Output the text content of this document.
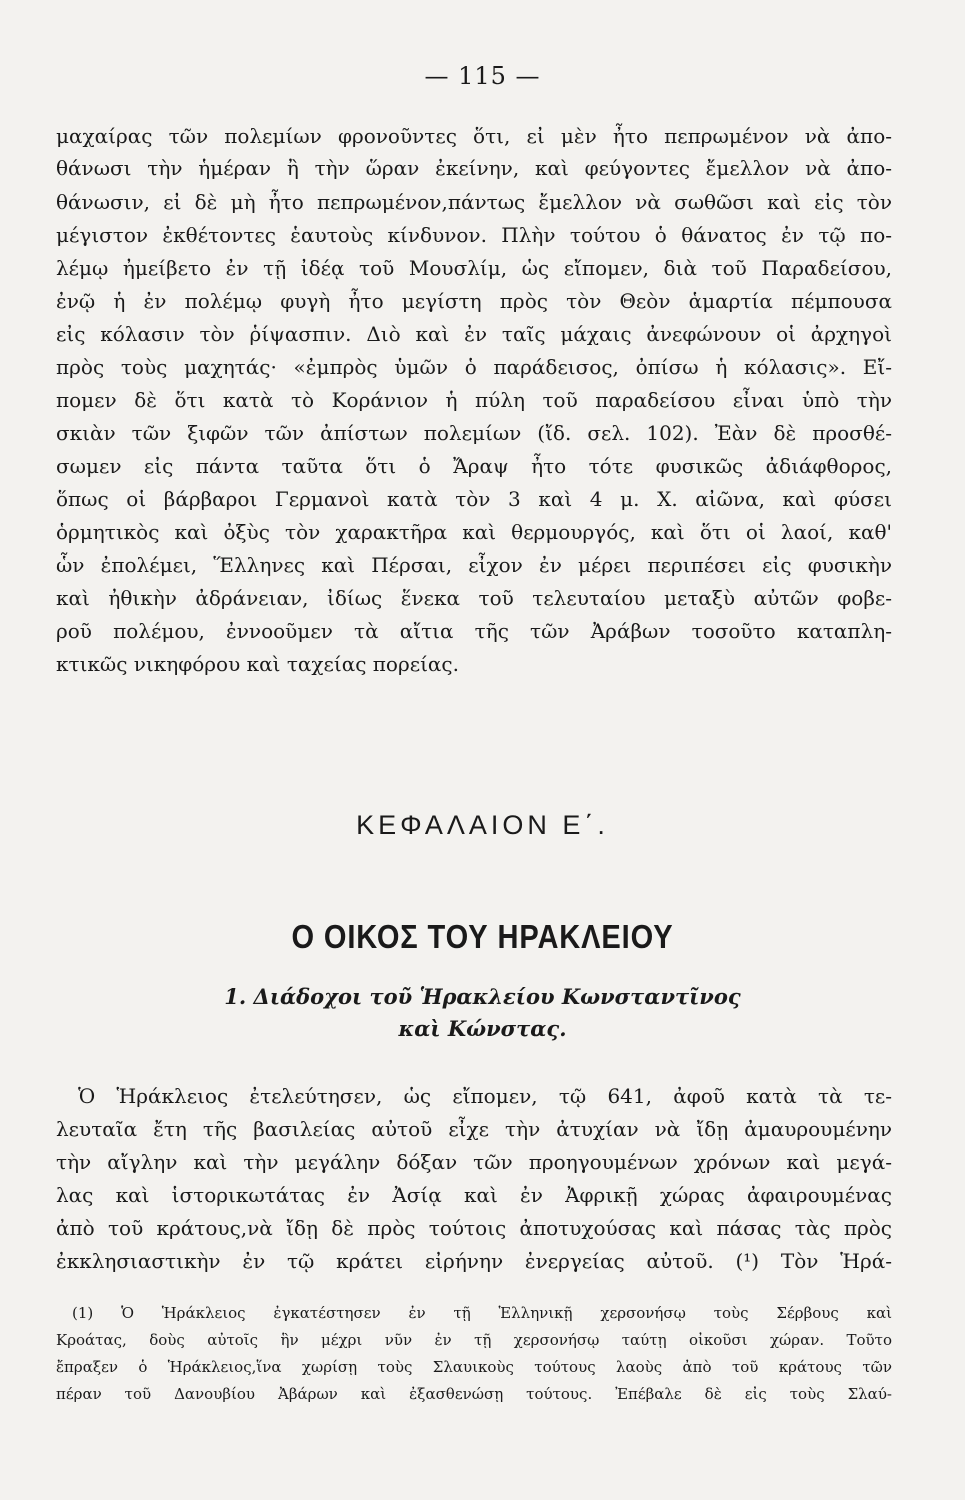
— 115 —
μαχαίρας τῶν πολεμίων φρονοῦντες ὅτι, εἰ μὲν ἦτο πεπρωμένον νὰ ἀπο-
θάνωσι τὴν ἡμέραν ἢ τὴν ὥραν ἐκείνην, καὶ φεύγοντες ἔμελλον νὰ ἀπο-
θάνωσιν, εἰ δὲ μὴ ἦτο πεπρωμένον,πάντως ἔμελλον νὰ σωθῶσι καὶ εἰς τὸν
μέγιστον ἐκθέτοντες ἑαυτοὺς κίνδυνον. Πλὴν τούτου ὁ θάνατος ἐν τῷ πο-
λέμῳ ἠμείβετο ἐν τῇ ἰδέᾳ τοῦ Μουσλίμ, ὡς εἴπομεν, διὰ τοῦ Παραδείσου,
ἐνῷ ἡ ἐν πολέμῳ φυγὴ ἦτο μεγίστη πρὸς τὸν Θεὸν ἁμαρτία πέμπουσα
εἰς κόλασιν τὸν ῥίψασπιν. Διὸ καὶ ἐν ταῖς μάχαις ἀνεφώνουν οἱ ἀρχηγοὶ
πρὸς τοὺς μαχητάς· «ἐμπρὸς ὑμῶν ὁ παράδεισος, ὀπίσω ἡ κόλασις». Εἴ-
πομεν δὲ ὅτι κατὰ τὸ Κοράνιον ἡ πύλη τοῦ παραδείσου εἶναι ὑπὸ τὴν
σκιὰν τῶν ξιφῶν τῶν ἀπίστων πολεμίων (ἴδ. σελ. 102). Ἐὰν δὲ προσθέ-
σωμεν εἰς πάντα ταῦτα ὅτι ὁ Ἄραψ ἦτο τότε φυσικῶς ἀδιάφθορος,
ὅπως οἱ βάρβαροι Γερμανοὶ κατὰ τὸν 3 καὶ 4 μ. Χ. αἰῶνα, καὶ φύσει
ὁρμητικὸς καὶ ὀξὺς τὸν χαρακτῆρα καὶ θερμουργός, καὶ ὅτι οἱ λαοί, καθ'
ὧν ἐπολέμει, Ἕλληνες καὶ Πέρσαι, εἶχον ἐν μέρει περιπέσει εἰς φυσικὴν
καὶ ἠθικὴν ἀδράνειαν, ἰδίως ἕνεκα τοῦ τελευταίου μεταξὺ αὐτῶν φοβε-
ροῦ πολέμου, ἐννοοῦμεν τὰ αἴτια τῆς τῶν Ἀράβων τοσοῦτο καταπλη-
κτικῶς νικηφόρου καὶ ταχείας πορείας.
ΚΕΦΑΛΑΙΟΝ Ε΄.
Ο ΟΙΚΟΣ ΤΟΥ ΗΡΑΚΛΕΙΟΥ
1. Διάδοχοι τοῦ Ἡρακλείου Κωνσταντῖνος
καὶ Κώνστας.
Ὁ Ἡράκλειος ἐτελεύτησεν, ὡς εἴπομεν, τῷ 641, ἀφοῦ κατὰ τὰ τε-
λευταῖα ἔτη τῆς βασιλείας αὐτοῦ εἶχε τὴν ἀτυχίαν νὰ ἴδῃ ἀμαυρουμένην
τὴν αἴγλην καὶ τὴν μεγάλην δόξαν τῶν προηγουμένων χρόνων καὶ μεγά-
λας καὶ ἱστορικωτάτας ἐν Ἀσίᾳ καὶ ἐν Ἀφρικῇ χώρας ἀφαιρουμένας
ἀπὸ τοῦ κράτους,νὰ ἴδῃ δὲ πρὸς τούτοις ἀποτυχούσας καὶ πάσας τὰς πρὸς
ἐκκλησιαστικὴν ἐν τῷ κράτει εἰρήνην ἐνεργείας αὐτοῦ. (¹) Τὸν Ἡρά-
(1) Ὁ Ἡράκλειος ἐγκατέστησεν ἐν τῇ Ἑλληνικῇ χερσονήσῳ τοὺς Σέρβους καὶ
Κροάτας, δοὺς αὐτοῖς ἣν μέχρι νῦν ἐν τῇ χερσονήσῳ ταύτῃ οἰκοῦσι χώραν. Τοῦτο
ἔπραξεν ὁ Ἡράκλειος,ἵνα χωρίσῃ τοὺς Σλαυικοὺς τούτους λαοὺς ἀπὸ τοῦ κράτους τῶν
πέραν τοῦ Δανουβίου Ἀβάρων καὶ ἐξασθενώσῃ τούτους. Ἐπέβαλε δὲ εἰς τοὺς Σλαύ-
